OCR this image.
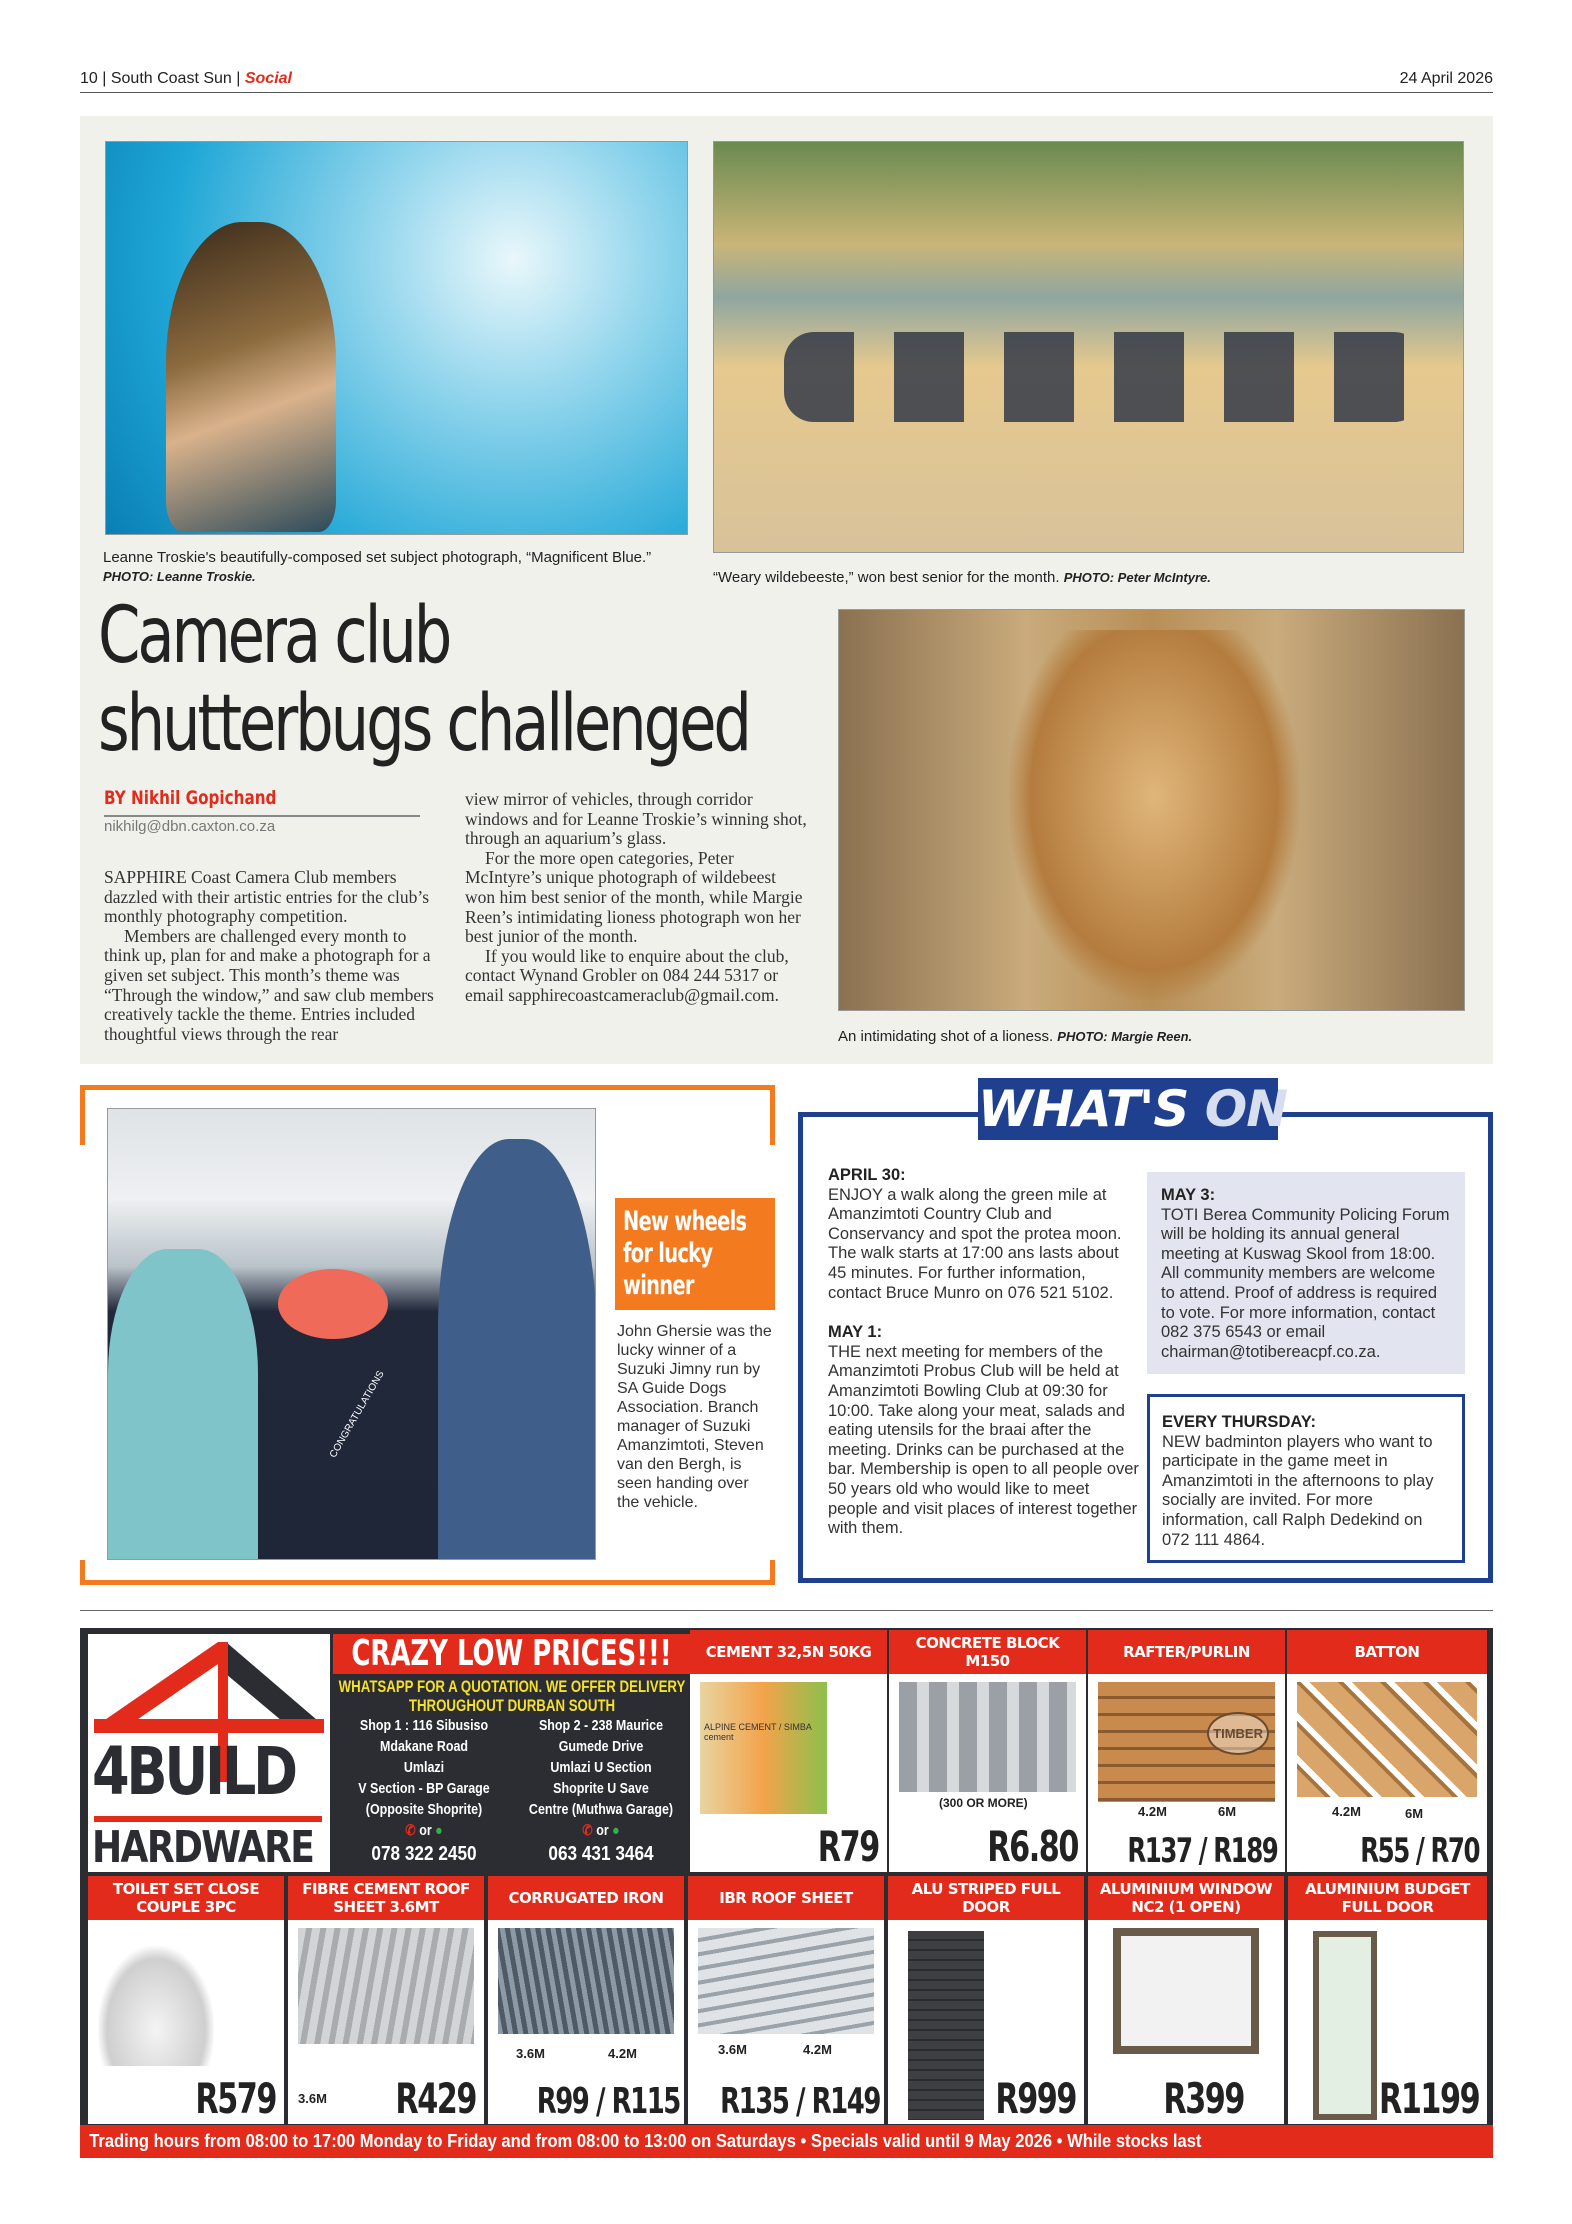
10 | South Coast Sun | Social	24 April 2026
Leanne Troskie's beautifully-composed set subject photograph, “Magnificent Blue.” PHOTO: Leanne Troskie.	“Weary wildebeeste,” won best senior for the month. PHOTO: Peter McIntyre.
Camera club
shutterbugs challenged
An intimidating shot of a lioness. PHOTO: Margie Reen.
BY Nikhil Gopichand
nikhilg@dbn.caxton.co.za

SAPPHIRE Coast Camera Club members dazzled with their artistic entries for the club’s monthly photography competition.

Members are challenged every month to think up, plan for and make a photograph for a given set subject. This month’s theme was “Through the window,” and saw club members creatively tackle the theme. Entries included thoughtful views through the rear

view mirror of vehicles, through corridor windows and for Leanne Troskie’s winning shot, through an aquarium’s glass.

For the more open categories, Peter McIntyre’s unique photograph of wildebeest won him best senior of the month, while Margie Reen’s intimidating lioness photograph won her best junior of the month.

If you would like to enquire about the club, contact Wynand Grobler on 084 244 5317 or email sapphirecoastcameraclub@gmail.com.

CONGRATULATIONS
New wheels for lucky winner
John Ghersie was the lucky winner of a Suzuki Jimny run by SA Guide Dogs Association. Branch manager of Suzuki Amanzimtoti, Steven van den Bergh, is seen handing over the vehicle.
WHAT'S ON
APRIL 30:
ENJOY a walk along the green mile at Amanzimtoti Country Club and Conservancy and spot the protea moon. The walk starts at 17:00 ans lasts about 45 minutes. For further information, contact Bruce Munro on 076 521 5102.
MAY 1:
THE next meeting for members of the Amanzimtoti Probus Club will be held at Amanzimtoti Bowling Club at 09:30 for 10:00. Take along your meat, salads and eating utensils for the braai after the meeting. Drinks can be purchased at the bar. Membership is open to all people over 50 years old who would like to meet people and visit places of interest together with them.
MAY 3:
TOTI Berea Community Policing Forum will be holding its annual general meeting at Kuswag Skool from 18:00. All community members are welcome to attend. Proof of address is required to vote. For more information, contact 082 375 6543 or email chairman@totibereacpf.co.za.
EVERY THURSDAY:
NEW badminton players who want to participate in the game meet in Amanzimtoti in the afternoons to play socially are invited. For more information, call Ralph Dedekind on 072 111 4864.
4BUILD
HARDWARE
CRAZY LOW PRICES!!!
WHATSAPP FOR A QUOTATION. WE OFFER DELIVERY THROUGHOUT DURBAN SOUTH
Shop 1 : 116 Sibusiso
Mdakane Road
Umlazi
V Section - BP Garage
(Opposite Shoprite)
✆ or ●
078 322 2450
Shop 2 - 238 Maurice
Gumede Drive
Umlazi U Section
Shoprite U Save
Centre (Muthwa Garage)
✆ or ●
063 431 3464
CEMENT 32,5N 50KG
ALPINE CEMENT / SIMBA cement
R79
CONCRETE BLOCK M150
(300 OR MORE)
R6.80
RAFTER/PURLIN
TIMBER
4.2M	6M
R137 / R189
BATTON
4.2M	6M
R55 / R70
TOILET SET CLOSE COUPLE 3PC
R579
FIBRE CEMENT ROOF SHEET 3.6MT
3.6M R429
CORRUGATED IRON
3.6M	4.2M
R99 / R115
IBR ROOF SHEET
3.6M	4.2M
R135 / R149
ALU STRIPED FULL DOOR
R999
ALUMINIUM WINDOW NC2 (1 OPEN)
R399
ALUMINIUM BUDGET FULL DOOR
R1199
Trading hours from 08:00 to 17:00 Monday to Friday and from 08:00 to 13:00 on Saturdays • Specials valid until 9 May 2026 • While stocks last
